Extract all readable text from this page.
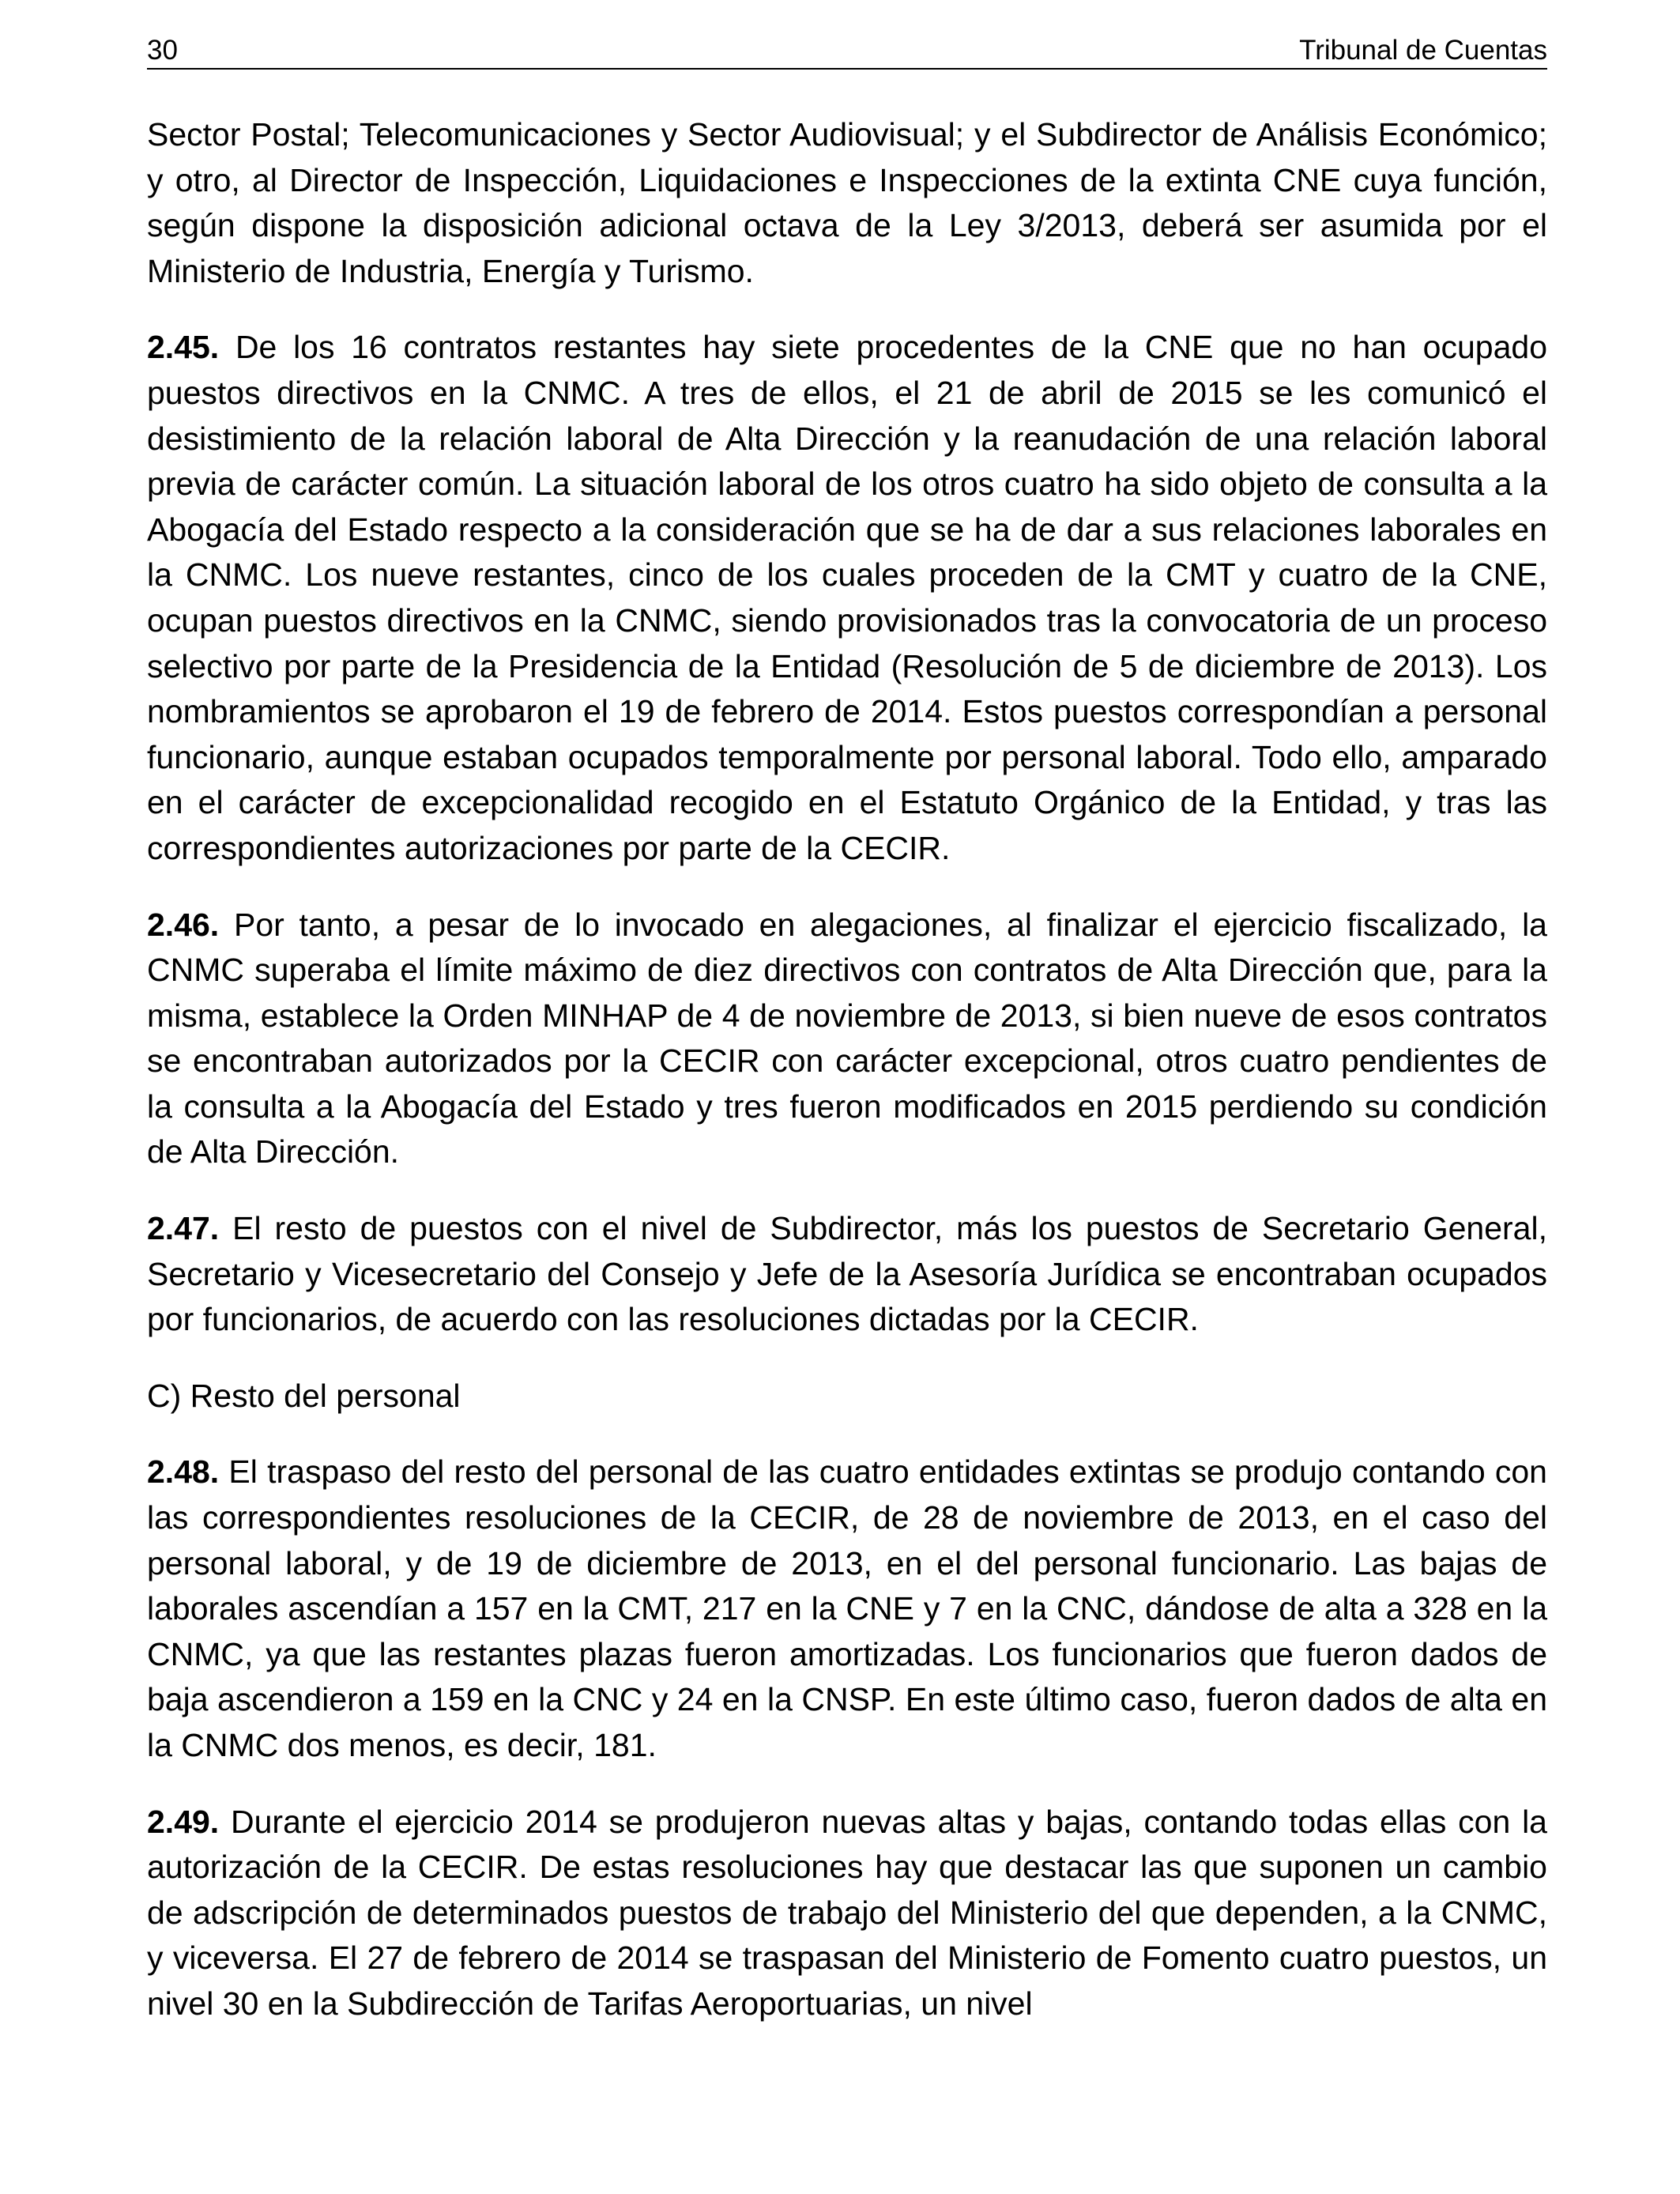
30	Tribunal de Cuentas

Sector Postal; Telecomunicaciones y Sector Audiovisual; y el Subdirector de Análisis Económico; y otro, al Director de Inspección, Liquidaciones e Inspecciones de la extinta CNE cuya función, según dispone la disposición adicional octava de la Ley 3/2013, deberá ser asumida por el Ministerio de Industria, Energía y Turismo.

2.45. De los 16 contratos restantes hay siete procedentes de la CNE que no han ocupado puestos directivos en la CNMC. A tres de ellos, el 21 de abril de 2015 se les comunicó el desistimiento de la relación laboral de Alta Dirección y la reanudación de una relación laboral previa de carácter común. La situación laboral de los otros cuatro ha sido objeto de consulta a la Abogacía del Estado respecto a la consideración que se ha de dar a sus relaciones laborales en la CNMC. Los nueve restantes, cinco de los cuales proceden de la CMT y cuatro de la CNE, ocupan puestos directivos en la CNMC, siendo provisionados tras la convocatoria de un proceso selectivo por parte de la Presidencia de la Entidad (Resolución de 5 de diciembre de 2013). Los nombramientos se aprobaron el 19 de febrero de 2014. Estos puestos correspondían a personal funcionario, aunque estaban ocupados temporalmente por personal laboral. Todo ello, amparado en el carácter de excepcionalidad recogido en el Estatuto Orgánico de la Entidad, y tras las correspondientes autorizaciones por parte de la CECIR.

2.46. Por tanto, a pesar de lo invocado en alegaciones, al finalizar el ejercicio fiscalizado, la CNMC superaba el límite máximo de diez directivos con contratos de Alta Dirección que, para la misma, establece la Orden MINHAP de 4 de noviembre de 2013, si bien nueve de esos contratos se encontraban autorizados por la CECIR con carácter excepcional, otros cuatro pendientes de la consulta a la Abogacía del Estado y tres fueron modificados en 2015 perdiendo su condición de Alta Dirección.

2.47. El resto de puestos con el nivel de Subdirector, más los puestos de Secretario General, Secretario y Vicesecretario del Consejo y Jefe de la Asesoría Jurídica se encontraban ocupados por funcionarios, de acuerdo con las resoluciones dictadas por la CECIR.

C) Resto del personal

2.48. El traspaso del resto del personal de las cuatro entidades extintas se produjo contando con las correspondientes resoluciones de la CECIR, de 28 de noviembre de 2013, en el caso del personal laboral, y de 19 de diciembre de 2013, en el del personal funcionario. Las bajas de laborales ascendían a 157 en la CMT, 217 en la CNE y 7 en la CNC, dándose de alta a 328 en la CNMC, ya que las restantes plazas fueron amortizadas. Los funcionarios que fueron dados de baja ascendieron a 159 en la CNC y 24 en la CNSP. En este último caso, fueron dados de alta en la CNMC dos menos, es decir, 181.

2.49. Durante el ejercicio 2014 se produjeron nuevas altas y bajas, contando todas ellas con la autorización de la CECIR. De estas resoluciones hay que destacar las que suponen un cambio de adscripción de determinados puestos de trabajo del Ministerio del que dependen, a la CNMC, y viceversa. El 27 de febrero de 2014 se traspasan del Ministerio de Fomento cuatro puestos, un nivel 30 en la Subdirección de Tarifas Aeroportuarias, un nivel
